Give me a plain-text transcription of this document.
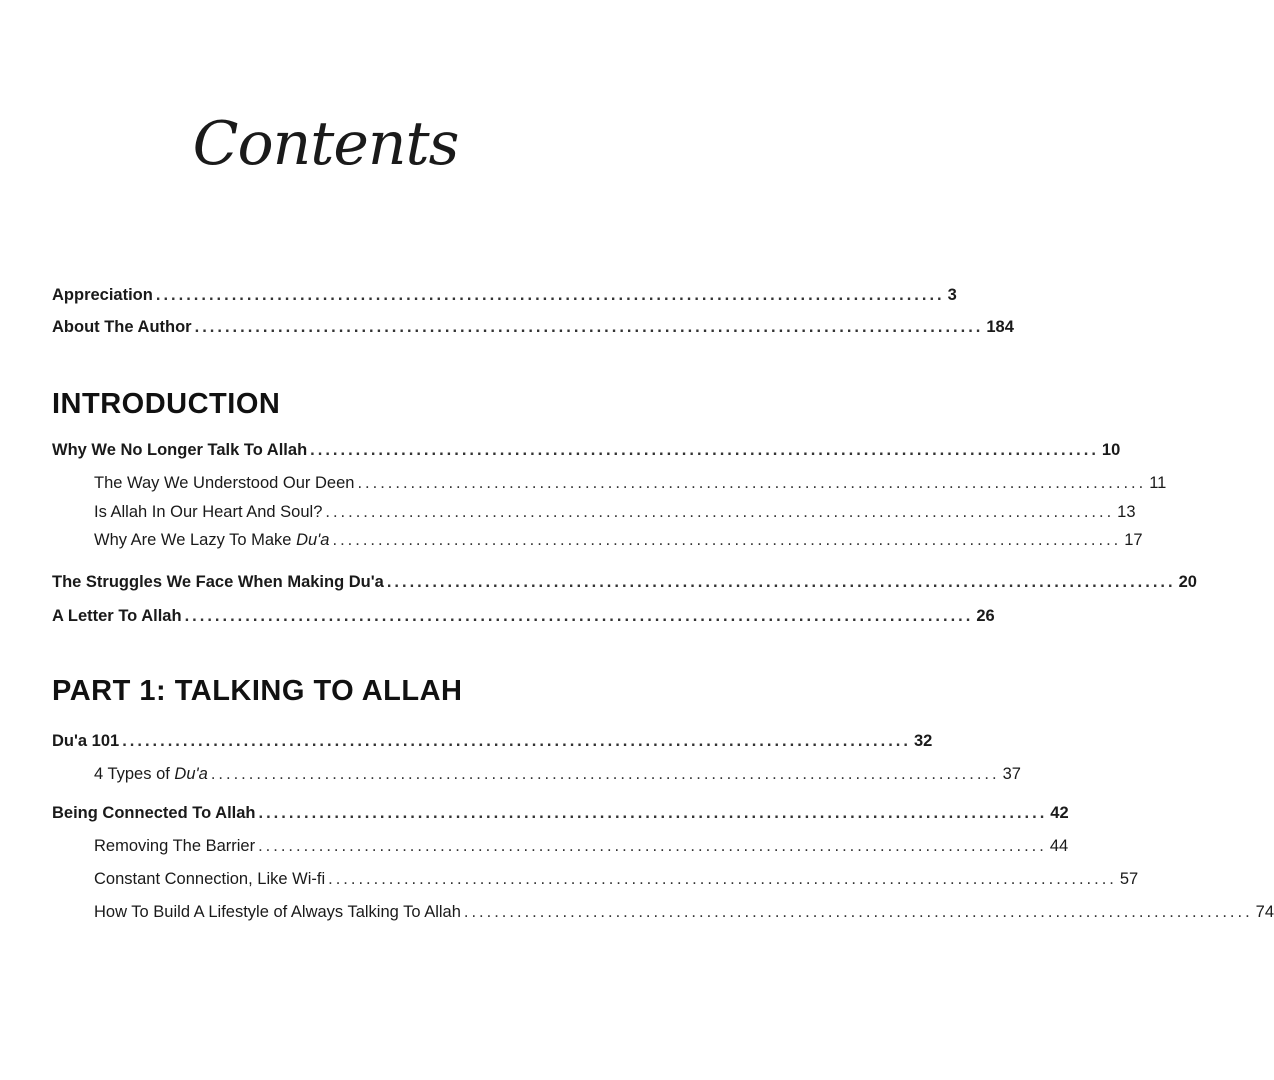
Contents
Appreciation ........................................................................................................ 3
About The Author ........................................................................................................ 184
INTRODUCTION
Why We No Longer Talk To Allah ........................................................................................................ 10
The Way We Understood Our Deen ........................................................................................................ 11
Is Allah In Our Heart And Soul? ........................................................................................................ 13
Why Are We Lazy To Make Du'a ........................................................................................................ 17
The Struggles We Face When Making Du'a ........................................................................................................ 20
A Letter To Allah ........................................................................................................ 26
PART 1: TALKING TO ALLAH
Du'a 101 ........................................................................................................ 32
4 Types of Du'a ........................................................................................................ 37
Being Connected To Allah ........................................................................................................ 42
Removing The Barrier ........................................................................................................ 44
Constant Connection, Like Wi-fi ........................................................................................................ 57
How To Build A Lifestyle of Always Talking To Allah ........................................................................................................ 74
